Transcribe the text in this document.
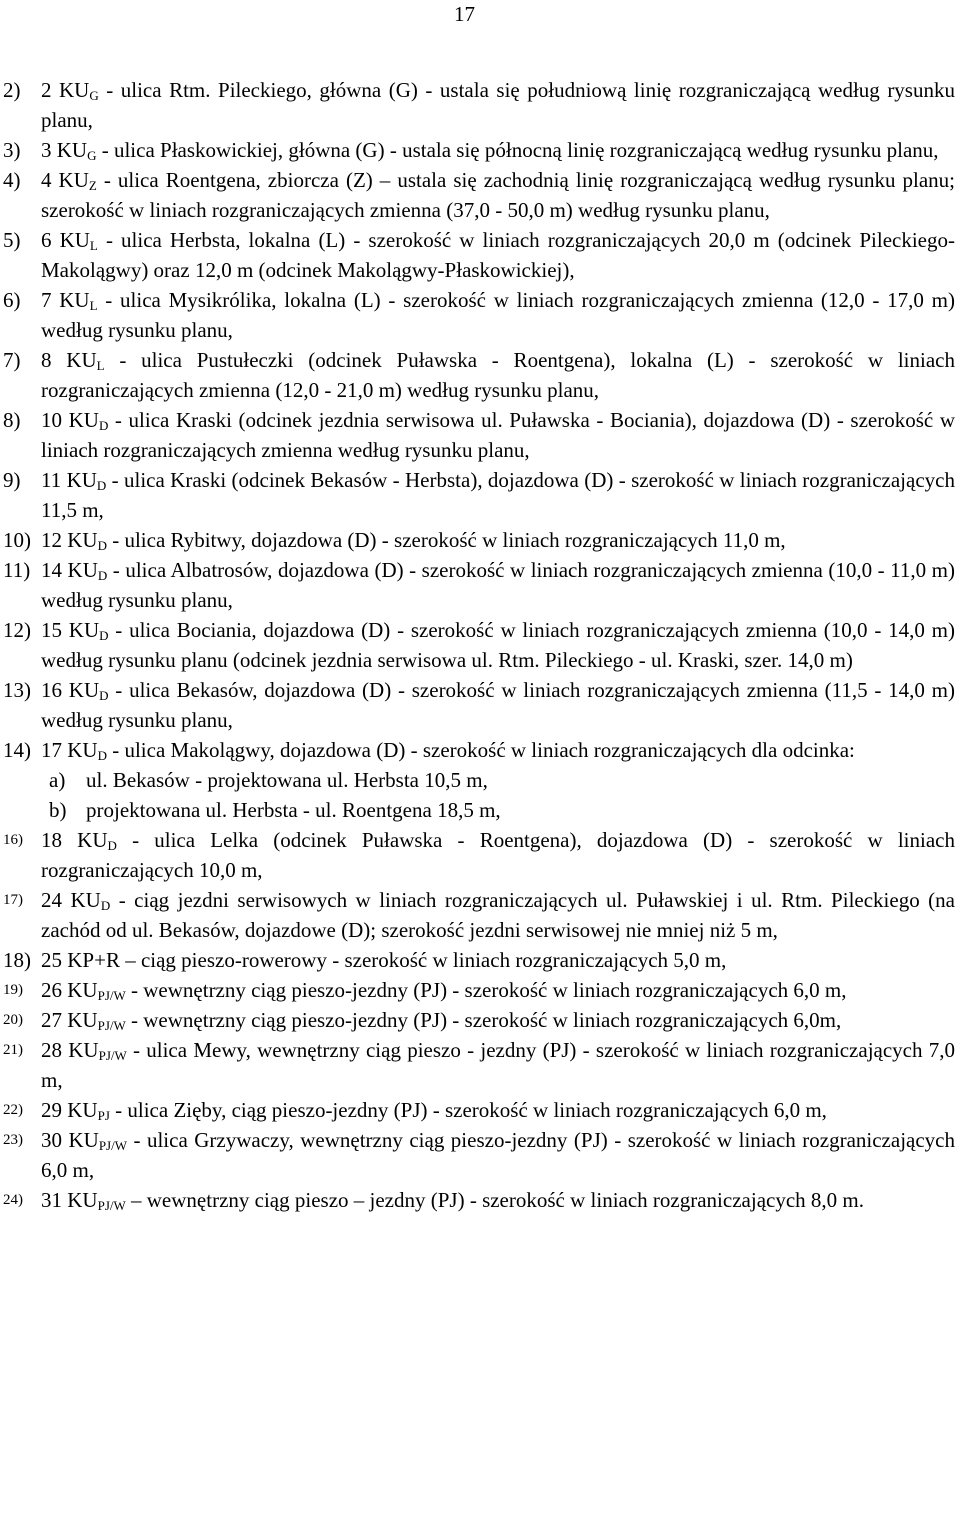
17
2) 2 $KU_G$ - ulica Rtm. Pileckiego, główna (G) - ustala się południową linię rozgraniczającą według rysunku planu,
3) 3 $KU_G$ - ulica Płaskowickiej, główna (G) - ustala się północną linię rozgraniczającą według rysunku planu,
4) 4 $KU_Z$ - ulica Roentgena, zbiorcza (Z) – ustala się zachodnią linię rozgraniczającą według rysunku planu; szerokość w liniach rozgraniczających zmienna (37,0 - 50,0 m) według rysunku planu,
5) 6 $KU_L$ - ulica Herbsta, lokalna (L) - szerokość w liniach rozgraniczających 20,0 m (odcinek Pileckiego-Makolągwy) oraz 12,0 m (odcinek Makolągwy-Płaskowickiej),
6) 7 $KU_L$ - ulica Mysikrólika, lokalna (L) - szerokość w liniach rozgraniczających zmienna (12,0 - 17,0 m) według rysunku planu,
7) 8 $KU_L$ - ulica Pustułeczki (odcinek Puławska - Roentgena), lokalna (L) - szerokość w liniach rozgraniczających zmienna (12,0 - 21,0 m) według rysunku planu,
8) 10 $KU_D$ - ulica Kraski (odcinek jezdnia serwisowa ul. Puławska - Bociania), dojazdowa (D) - szerokość w liniach rozgraniczających zmienna według rysunku planu,
9) 11 $KU_D$ - ulica Kraski (odcinek Bekasów - Herbsta), dojazdowa (D) - szerokość w liniach rozgraniczających 11,5 m,
10) 12 $KU_D$ - ulica Rybitwy, dojazdowa (D) - szerokość w liniach rozgraniczających 11,0 m,
11) 14 $KU_D$ - ulica Albatrosów, dojazdowa (D) - szerokość w liniach rozgraniczających zmienna (10,0 - 11,0 m) według rysunku planu,
12) 15 $KU_D$ - ulica Bociania, dojazdowa (D) - szerokość w liniach rozgraniczających zmienna (10,0 - 14,0 m) według rysunku planu (odcinek jezdnia serwisowa ul. Rtm. Pileckiego - ul. Kraski, szer. 14,0 m)
13) 16 $KU_D$ - ulica Bekasów, dojazdowa (D) - szerokość w liniach rozgraniczających zmienna (11,5 - 14,0 m) według rysunku planu,
14) 17 $KU_D$ - ulica Makolągwy, dojazdowa (D) - szerokość w liniach rozgraniczających dla odcinka:
a) ul. Bekasów - projektowana ul. Herbsta 10,5 m,
b) projektowana ul. Herbsta - ul. Roentgena 18,5 m,
16) 18 $KU_D$ - ulica Lelka (odcinek Puławska - Roentgena), dojazdowa (D) - szerokość w liniach rozgraniczających 10,0 m,
17) 24 $KU_D$ - ciąg jezdni serwisowych w liniach rozgraniczających ul. Puławskiej i ul. Rtm. Pileckiego (na zachód od ul. Bekasów, dojazdowe (D); szerokość jezdni serwisowej nie mniej niż 5 m,
18) 25 KP+R – ciąg pieszo-rowerowy - szerokość w liniach rozgraniczających 5,0 m,
19) 26 $KU_{PJ/W}$ - wewnętrzny ciąg pieszo-jezdny (PJ) - szerokość w liniach rozgraniczających 6,0 m,
20) 27 $KU_{PJ/W}$ - wewnętrzny ciąg pieszo-jezdny (PJ) - szerokość w liniach rozgraniczających 6,0m,
21) 28 $KU_{PJ/W}$ - ulica Mewy, wewnętrzny ciąg pieszo - jezdny (PJ) - szerokość w liniach rozgraniczających 7,0 m,
22) 29 $KU_{PJ}$ - ulica Zięby, ciąg pieszo-jezdny (PJ) - szerokość w liniach rozgraniczających 6,0 m,
23) 30 $KU_{PJ/W}$ - ulica Grzywaczy, wewnętrzny ciąg pieszo-jezdny (PJ) - szerokość w liniach rozgraniczających 6,0 m,
24) 31 $KU_{PJ/W}$ – wewnętrzny ciąg pieszo – jezdny (PJ) - szerokość w liniach rozgraniczających 8,0 m.
